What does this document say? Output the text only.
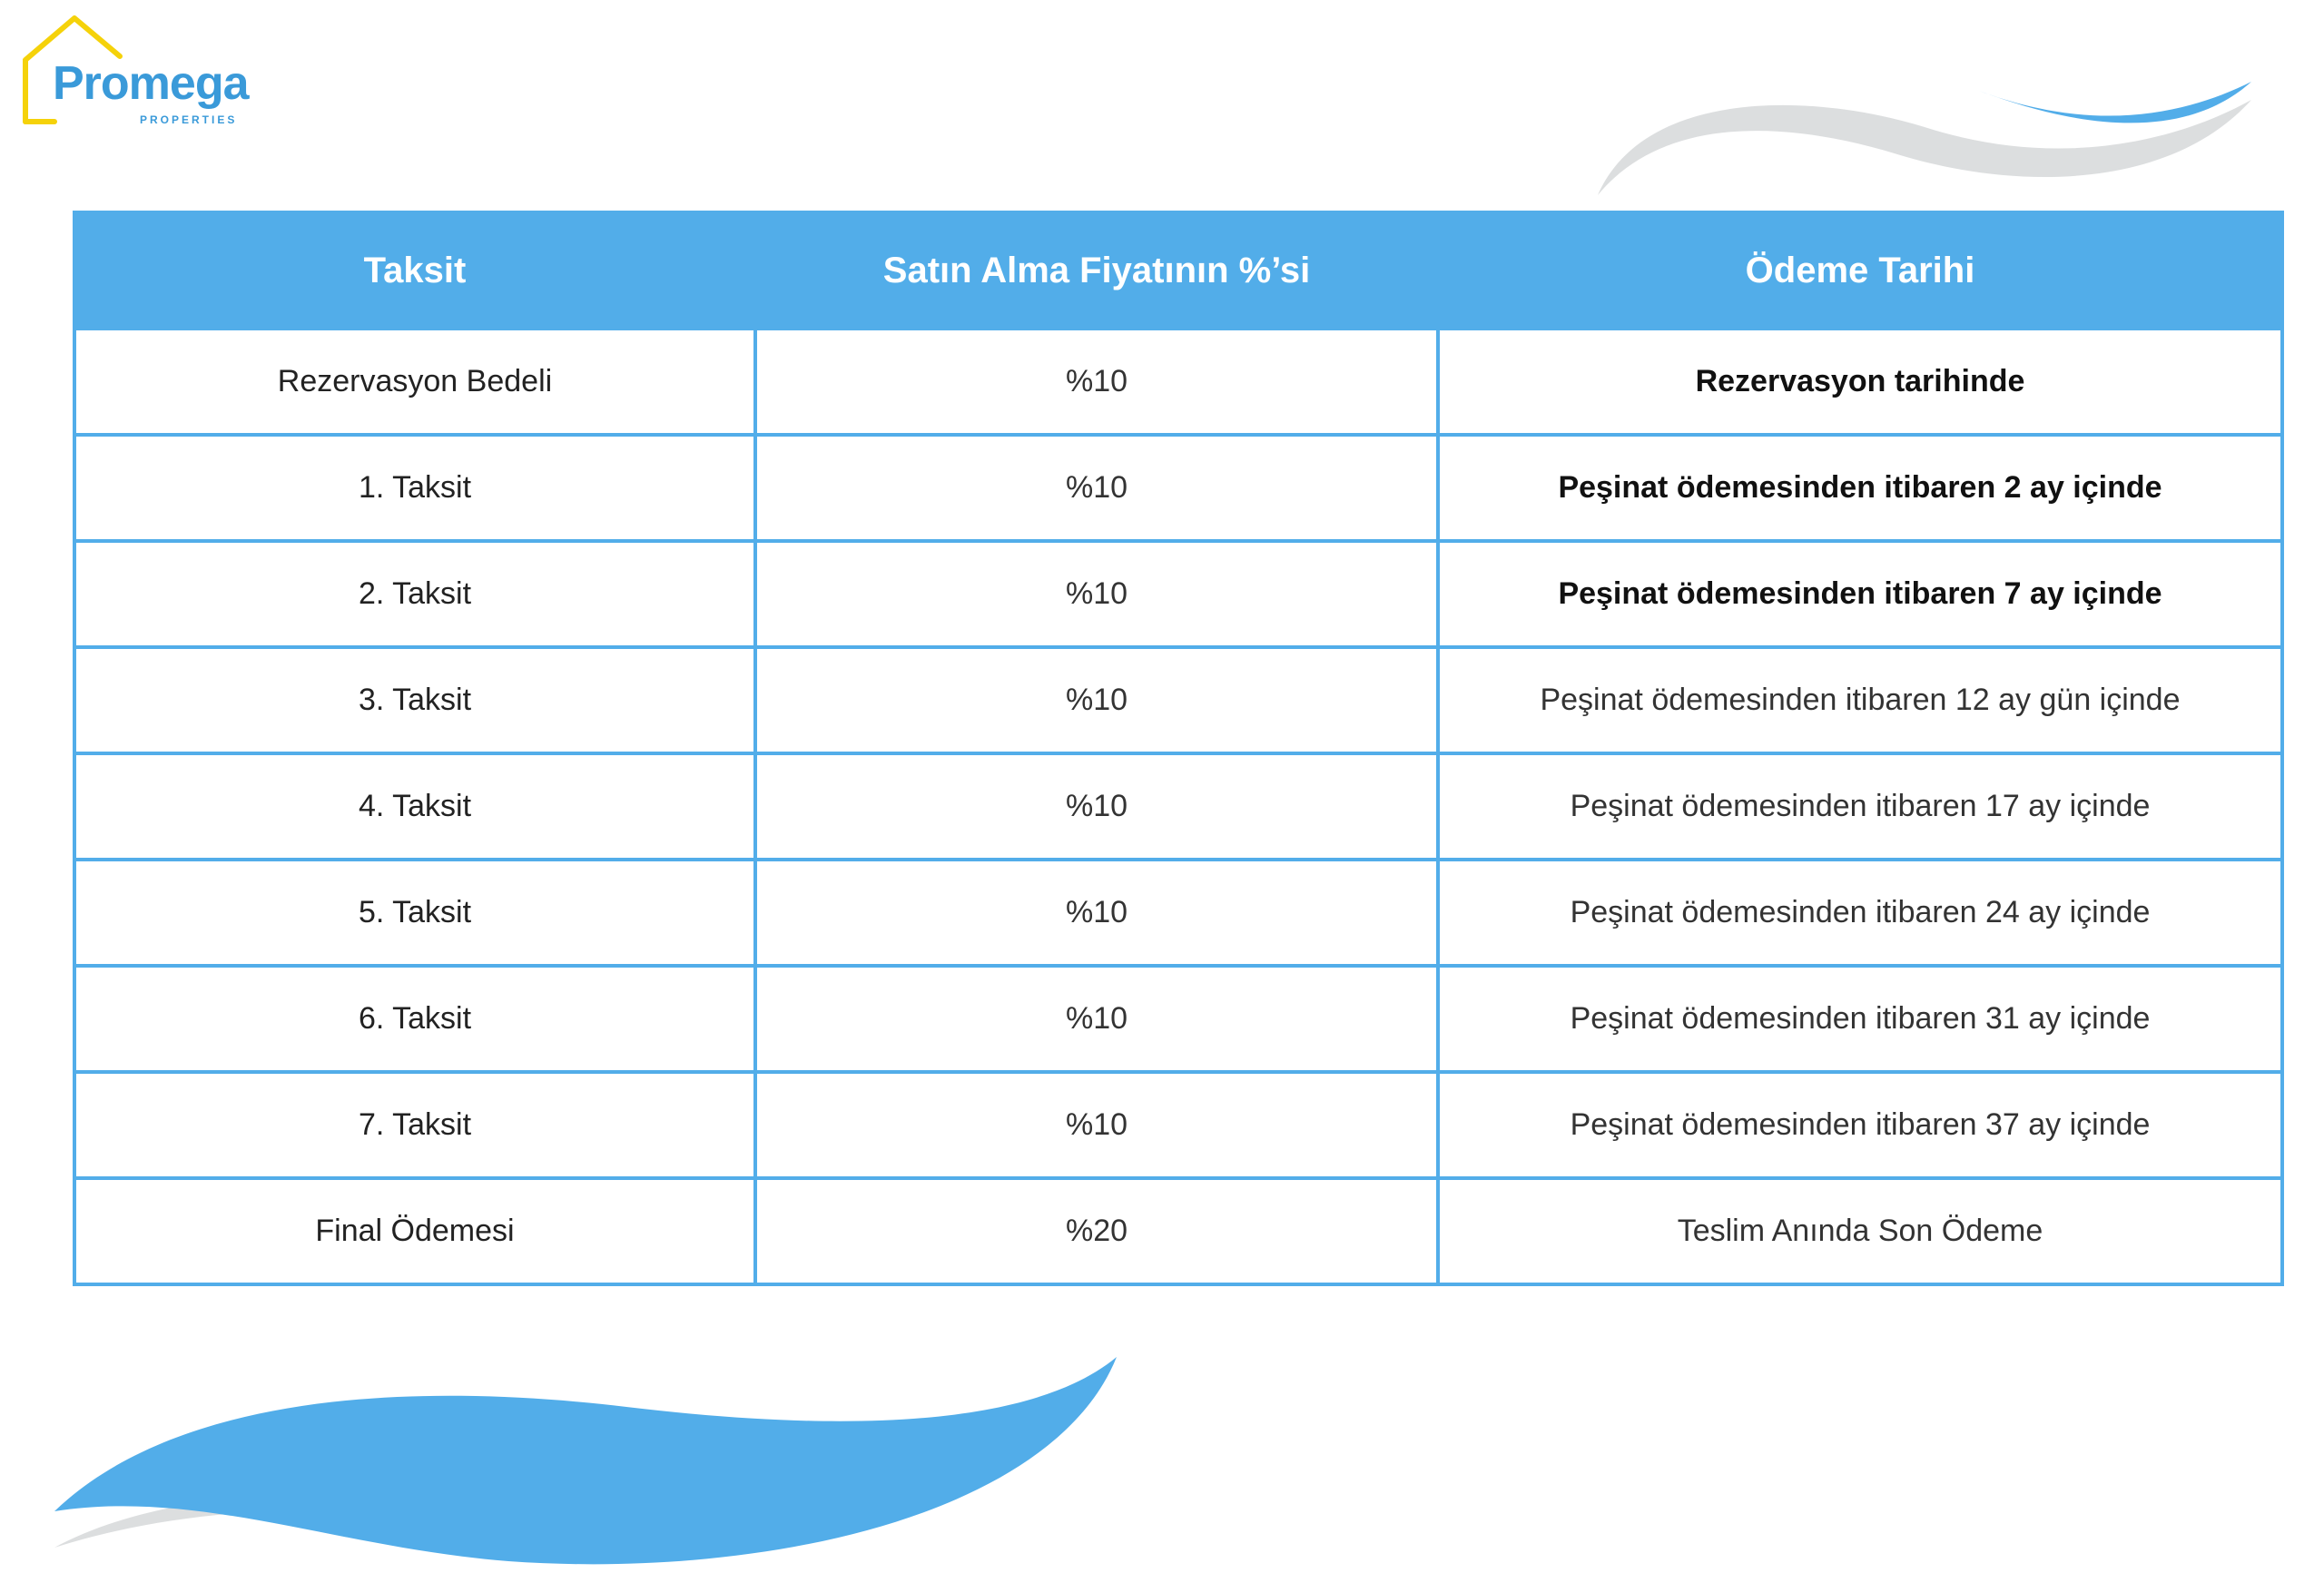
Promega
PROPERTIES
Taksit	Satın Alma Fiyatının %’si	Ödeme Tarihi
Rezervasyon Bedeli	%10	Rezervasyon tarihinde
1. Taksit	%10	Peşinat ödemesinden itibaren 2 ay içinde
2. Taksit	%10	Peşinat ödemesinden itibaren 7 ay içinde
3. Taksit	%10	Peşinat ödemesinden itibaren 12 ay gün içinde
4. Taksit	%10	Peşinat ödemesinden itibaren 17 ay içinde
5. Taksit	%10	Peşinat ödemesinden itibaren 24 ay içinde
6. Taksit	%10	Peşinat ödemesinden itibaren 31 ay içinde
7. Taksit	%10	Peşinat ödemesinden itibaren 37 ay içinde
Final Ödemesi	%20	Teslim Anında Son Ödeme
